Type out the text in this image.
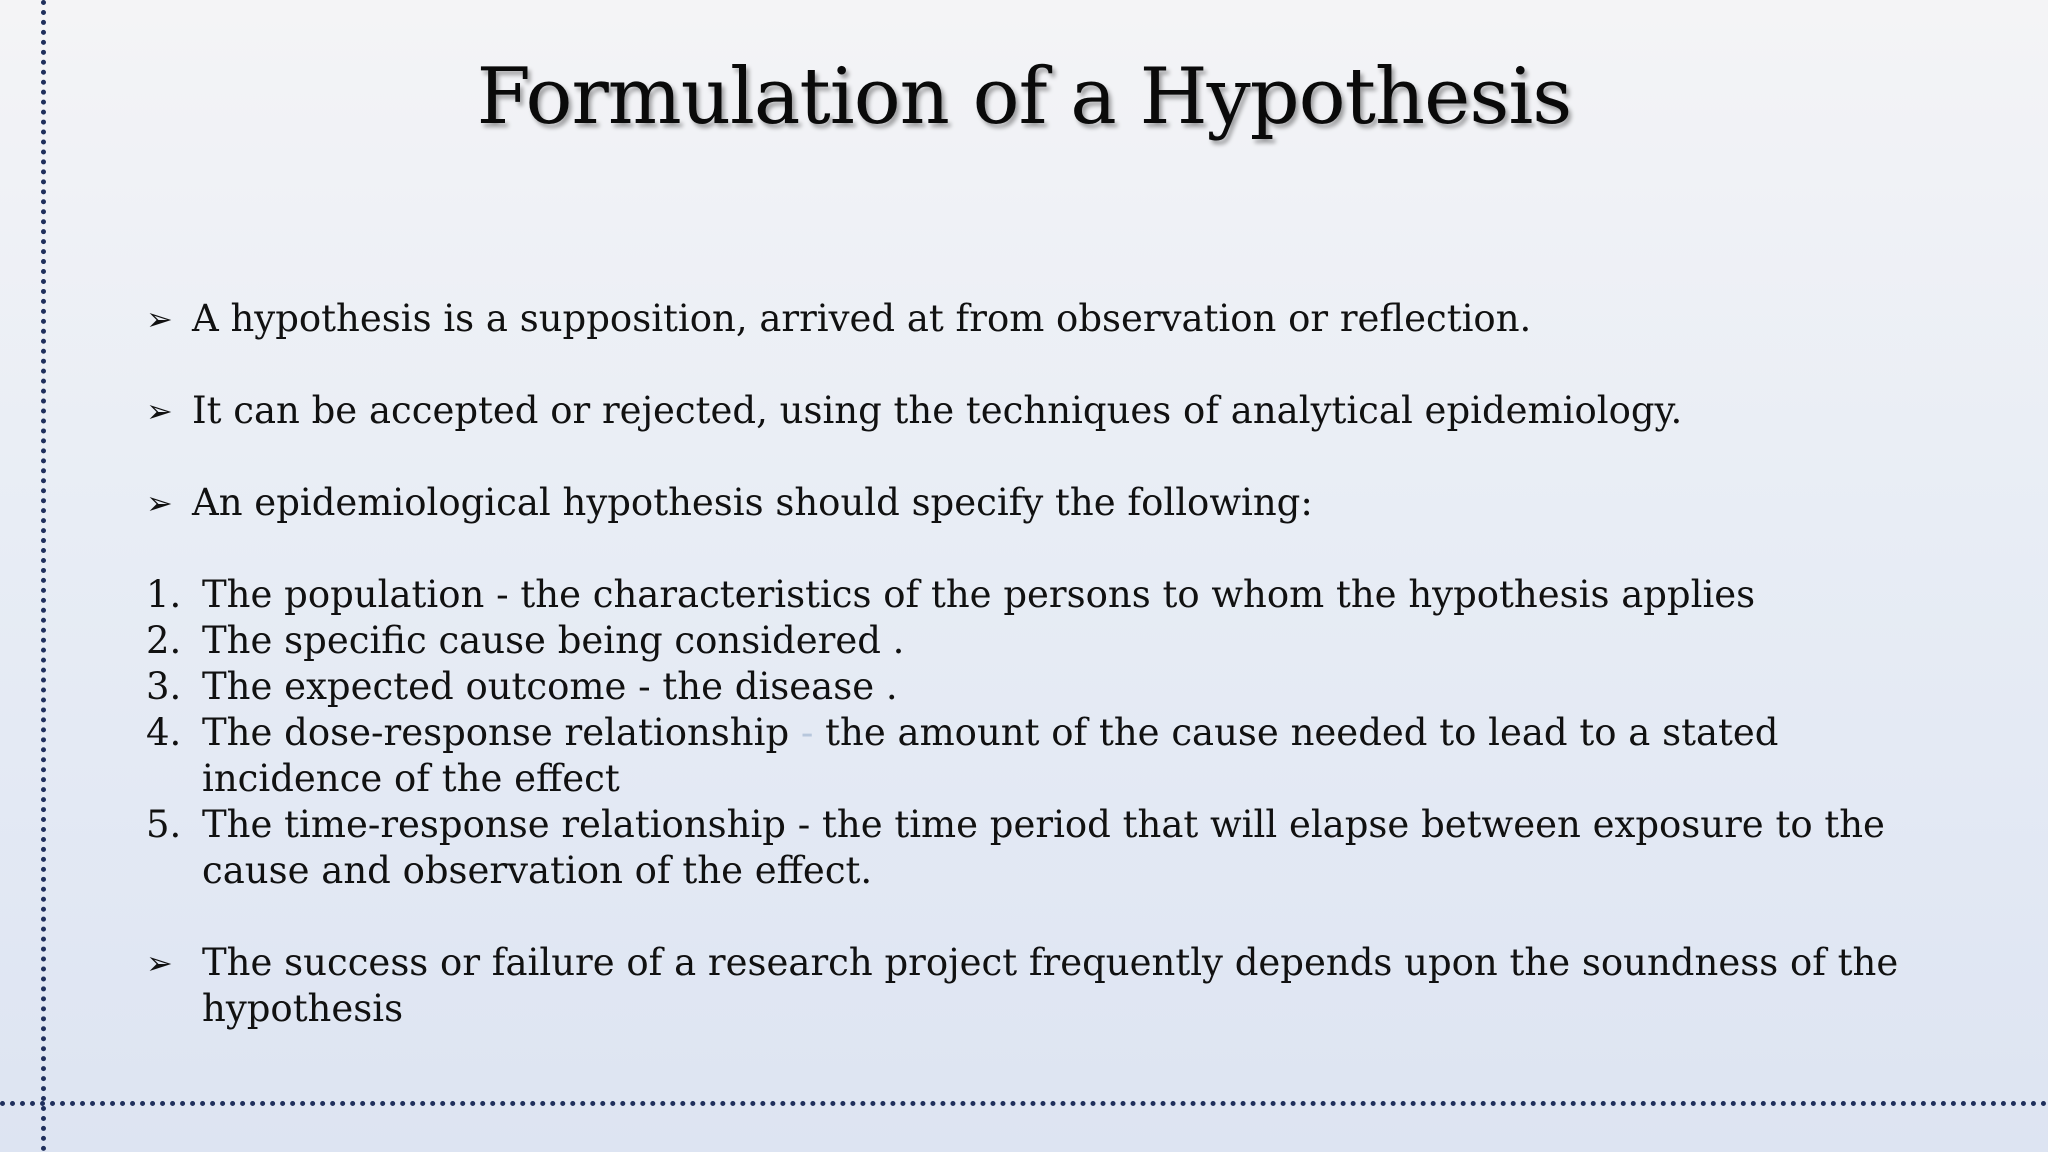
Formulation of a Hypothesis
➢ A hypothesis is a supposition, arrived at from observation or reflection.
➢ It can be accepted or rejected, using the techniques of analytical epidemiology.
➢ An epidemiological hypothesis should specify the following:
1. The population - the characteristics of the persons to whom the hypothesis applies
2. The specific cause being considered .
3. The expected outcome - the disease .
4. The dose-response relationship - the amount of the cause needed to lead to a stated
incidence of the effect
5. The time-response relationship - the time period that will elapse between exposure to the
cause and observation of the effect.
➢ The success or failure of a research project frequently depends upon the soundness of the
hypothesis
